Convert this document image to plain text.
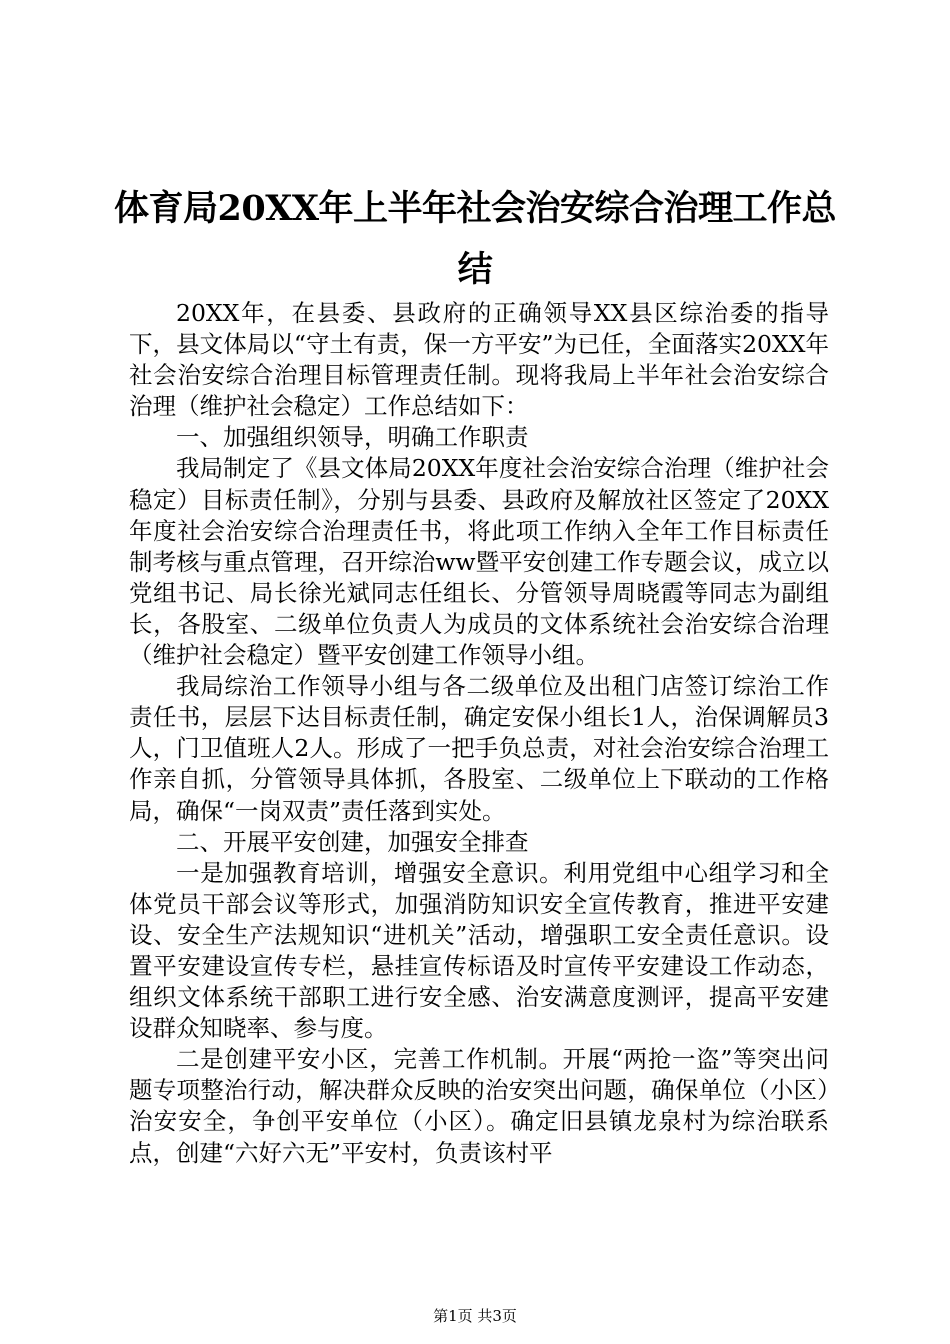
体育局20XX年上半年社会治安综合治理工作总结

20XX年，在县委、县政府的正确领导XX县区综治委的指导下，县文体局以“守土有责，保一方平安”为已任，全面落实20XX年社会治安综合治理目标管理责任制。现将我局上半年社会治安综合治理（维护社会稳定）工作总结如下：

一、加强组织领导，明确工作职责

我局制定了《县文体局20XX年度社会治安综合治理（维护社会稳定）目标责任制》，分别与县委、县政府及解放社区签定了20XX年度社会治安综合治理责任书，将此项工作纳入全年工作目标责任制考核与重点管理，召开综治ww暨平安创建工作专题会议，成立以党组书记、局长徐光斌同志任组长、分管领导周晓霞等同志为副组长，各股室、二级单位负责人为成员的文体系统社会治安综合治理（维护社会稳定）暨平安创建工作领导小组。

我局综治工作领导小组与各二级单位及出租门店签订综治工作责任书，层层下达目标责任制，确定安保小组长1人，治保调解员3人，门卫值班人2人。形成了一把手负总责，对社会治安综合治理工作亲自抓，分管领导具体抓，各股室、二级单位上下联动的工作格局，确保“一岗双责”责任落到实处。

二、开展平安创建，加强安全排查

一是加强教育培训，增强安全意识。利用党组中心组学习和全体党员干部会议等形式，加强消防知识安全宣传教育，推进平安建设、安全生产法规知识“进机关”活动，增强职工安全责任意识。设置平安建设宣传专栏，悬挂宣传标语及时宣传平安建设工作动态，组织文体系统干部职工进行安全感、治安满意度测评，提高平安建设群众知晓率、参与度。

二是创建平安小区，完善工作机制。开展“两抢一盗”等突出问题专项整治行动，解决群众反映的治安突出问题，确保单位（小区）治安安全，争创平安单位（小区）。确定旧县镇龙泉村为综治联系点，创建“六好六无”平安村，负责该村平

第1页 共3页
